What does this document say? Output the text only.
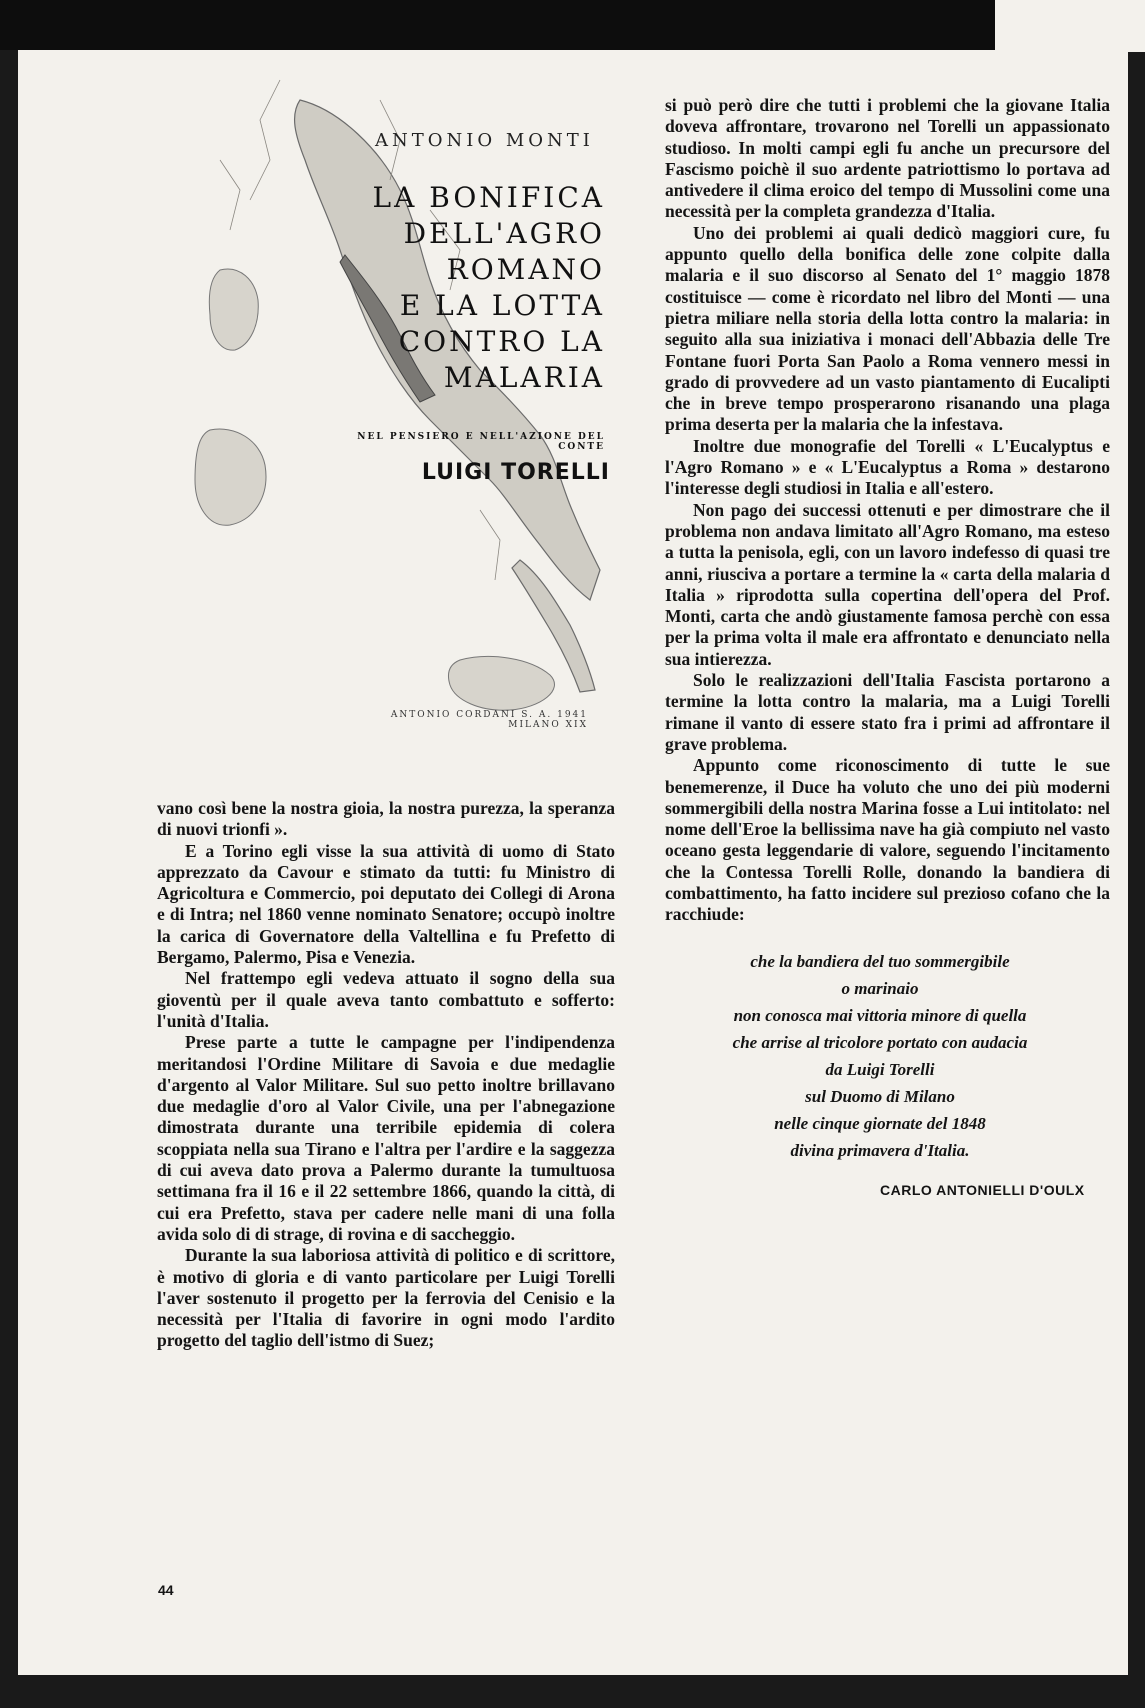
ANTONIO MONTI
LA BONIFICA
DELL'AGRO
ROMANO
E LA LOTTA
CONTRO LA
MALARIA
NEL PENSIERO E NELL'AZIONE DEL CONTE
LUIGI TORELLI
ANTONIO CORDANI S. A. 1941 MILANO XIX

vano così bene la nostra gioia, la nostra purezza, la speranza di nuovi trionfi ».

E a Torino egli visse la sua attività di uomo di Stato apprezzato da Cavour e stimato da tutti: fu Ministro di Agricoltura e Commercio, poi deputato dei Collegi di Arona e di Intra; nel 1860 venne nominato Senatore; occupò inoltre la carica di Governatore della Valtellina e fu Prefetto di Bergamo, Palermo, Pisa e Venezia.

Nel frattempo egli vedeva attuato il sogno della sua gioventù per il quale aveva tanto combattuto e sofferto: l'unità d'Italia.

Prese parte a tutte le campagne per l'indipendenza meritandosi l'Ordine Militare di Savoia e due medaglie d'argento al Valor Militare. Sul suo petto inoltre brillavano due medaglie d'oro al Valor Civile, una per l'abnegazione dimostrata durante una terribile epidemia di colera scoppiata nella sua Tirano e l'altra per l'ardire e la saggezza di cui aveva dato prova a Palermo durante la tumultuosa settimana fra il 16 e il 22 settembre 1866, quando la città, di cui era Prefetto, stava per cadere nelle mani di una folla avida solo di di strage, di rovina e di saccheggio.

Durante la sua laboriosa attività di politico e di scrittore, è motivo di gloria e di vanto particolare per Luigi Torelli l'aver sostenuto il progetto per la ferrovia del Cenisio e la necessità per l'Italia di favorire in ogni modo l'ardito progetto del taglio dell'istmo di Suez;

si può però dire che tutti i problemi che la giovane Italia doveva affrontare, trovarono nel Torelli un appassionato studioso. In molti campi egli fu anche un precursore del Fascismo poichè il suo ardente patriottismo lo portava ad antivedere il clima eroico del tempo di Mussolini come una necessità per la completa grandezza d'Italia.

Uno dei problemi ai quali dedicò maggiori cure, fu appunto quello della bonifica delle zone colpite dalla malaria e il suo discorso al Senato del 1° maggio 1878 costituisce — come è ricordato nel libro del Monti — una pietra miliare nella storia della lotta contro la malaria: in seguito alla sua iniziativa i monaci dell'Abbazia delle Tre Fontane fuori Porta San Paolo a Roma vennero messi in grado di provvedere ad un vasto piantamento di Eucalipti che in breve tempo prosperarono risanando una plaga prima deserta per la malaria che la infestava.

Inoltre due monografie del Torelli « L'Eucalyptus e l'Agro Romano » e « L'Eucalyptus a Roma » destarono l'interesse degli studiosi in Italia e all'estero.

Non pago dei successi ottenuti e per dimostrare che il problema non andava limitato all'Agro Romano, ma esteso a tutta la penisola, egli, con un lavoro indefesso di quasi tre anni, riusciva a portare a termine la « carta della malaria d Italia » riprodotta sulla copertina dell'opera del Prof. Monti, carta che andò giustamente famosa perchè con essa per la prima volta il male era affrontato e denunciato nella sua intierezza.

Solo le realizzazioni dell'Italia Fascista portarono a termine la lotta contro la malaria, ma a Luigi Torelli rimane il vanto di essere stato fra i primi ad affrontare il grave problema.

Appunto come riconoscimento di tutte le sue benemerenze, il Duce ha voluto che uno dei più moderni sommergibili della nostra Marina fosse a Lui intitolato: nel nome dell'Eroe la bellissima nave ha già compiuto nel vasto oceano gesta leggendarie di valore, seguendo l'incitamento che la Contessa Torelli Rolle, donando la bandiera di combattimento, ha fatto incidere sul prezioso cofano che la racchiude:

che la bandiera del tuo sommergibile
o marinaio
non conosca mai vittoria minore di quella
che arrise al tricolore portato con audacia
da Luigi Torelli
sul Duomo di Milano
nelle cinque giornate del 1848
divina primavera d'Italia.
CARLO ANTONIELLI D'OULX
44
